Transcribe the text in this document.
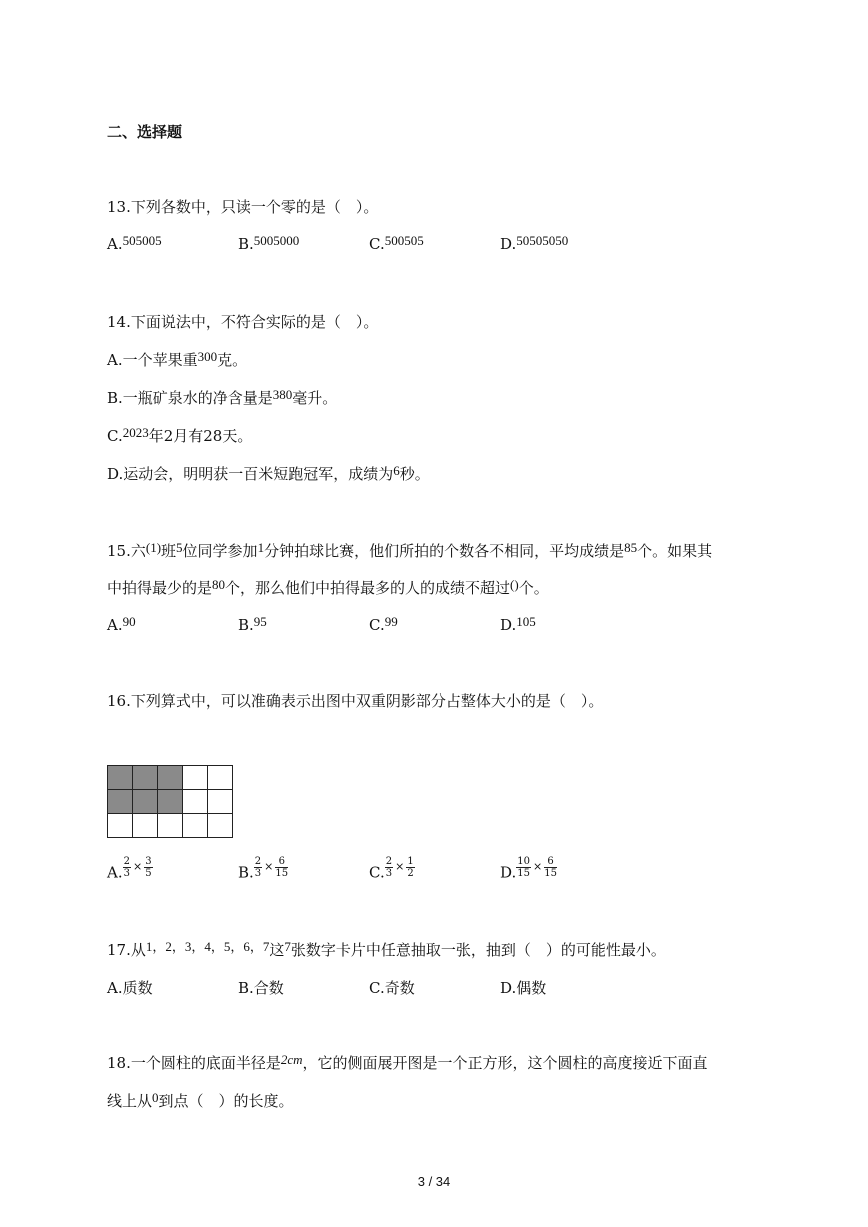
二、选择题
13.下列各数中，只读一个零的是（　）。
A.505005	B.5005000	C.500505	D.50505050
14.下面说法中，不符合实际的是（　）。
A.一个苹果重300克。
B.一瓶矿泉水的净含量是380毫升。
C.2023年2月有28天。
D.运动会，明明获一百米短跑冠军，成绩为6秒。
15.六(1)班5位同学参加1分钟拍球比赛，他们所拍的个数各不相同，平均成绩是85个。如果其
中拍得最少的是80个，那么他们中拍得最多的人的成绩不超过()个。
A.90	B.95	C.99	D.105
16.下列算式中，可以准确表示出图中双重阴影部分占整体大小的是（　）。

A. $\frac{2}{3} ^\times \frac{3}{5}$	B. $\frac{2}{3} ^\times \frac{6}{15}$	C. $\frac{2}{3} ^\times \frac{1}{2}$	D. $\frac{10}{15} ^\times \frac{6}{15}$
17.从1，2，3，4，5，6，7这7张数字卡片中任意抽取一张，抽到（　）的可能性最小。
A.质数	B.合数	C.奇数	D.偶数
18.一个圆柱的底面半径是2cm，它的侧面展开图是一个正方形，这个圆柱的高度接近下面直
线上从0到点（　）的长度。
3 / 34
